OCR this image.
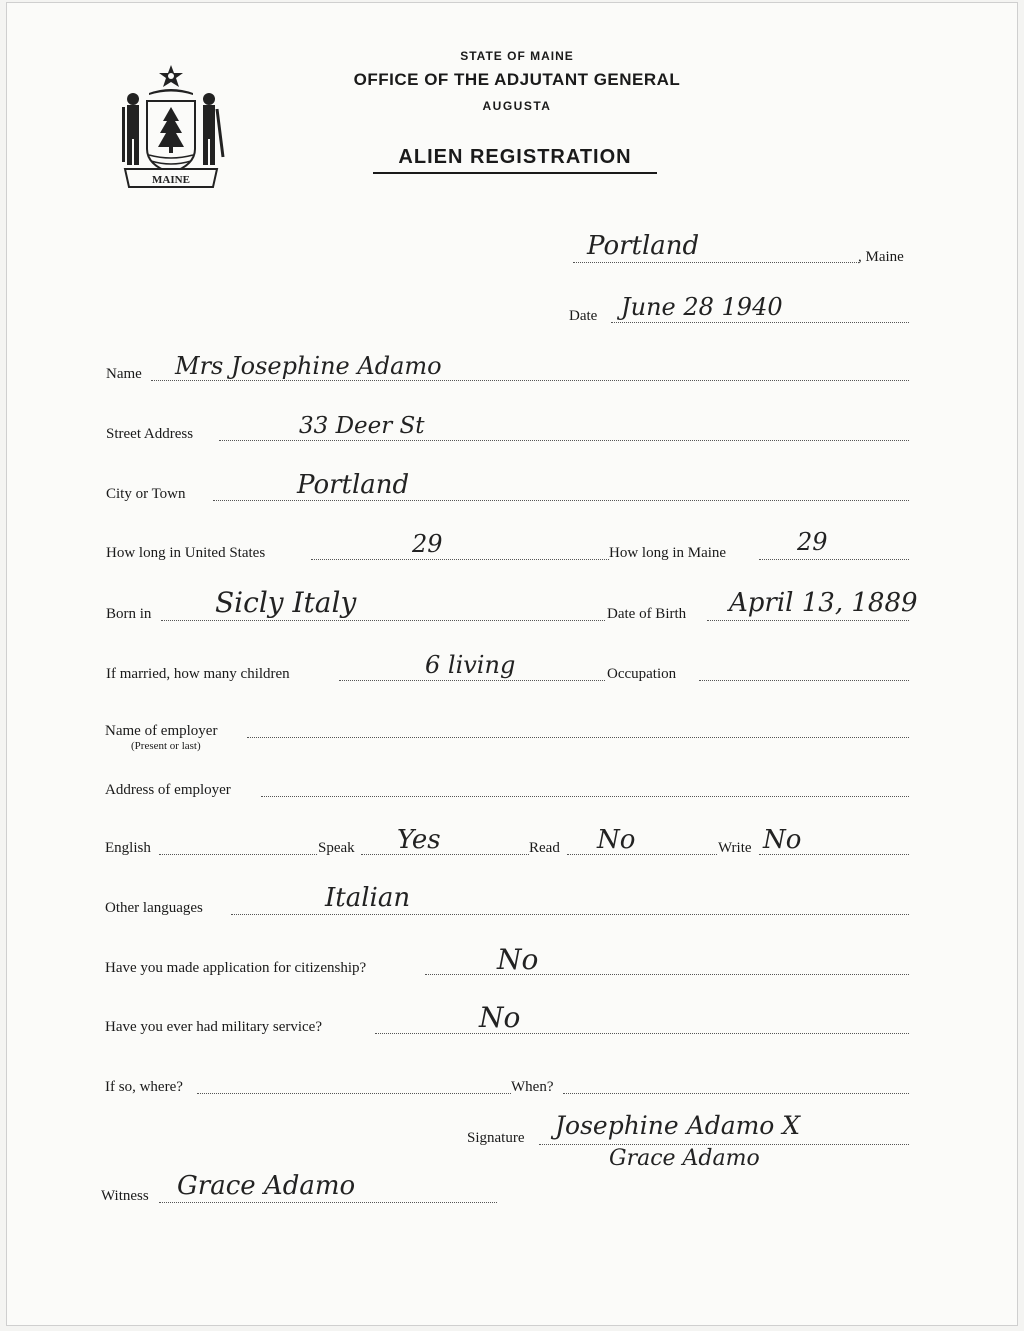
MAINE
STATE OF MAINE
OFFICE OF THE ADJUTANT GENERAL
AUGUSTA
ALIEN REGISTRATION
Portland	, Maine
Date June 28 1940
Name Mrs Josephine Adamo
Street Address	33 Deer St
City or Town	Portland
How long in United States	29	How long in Maine	29
Born in Sicly Italy	Date of Birth April 13, 1889
If married, how many children	6 living	Occupation
Name of employer
(Present or last)
Address of employer
English	Speak Yes	Read No	Write No
Other languages	Italian
Have you made application for citizenship?	No
Have you ever had military service?	No
If so, where?	When?
Signature Josephine Adamo X
Grace Adamo
Witness Grace Adamo
